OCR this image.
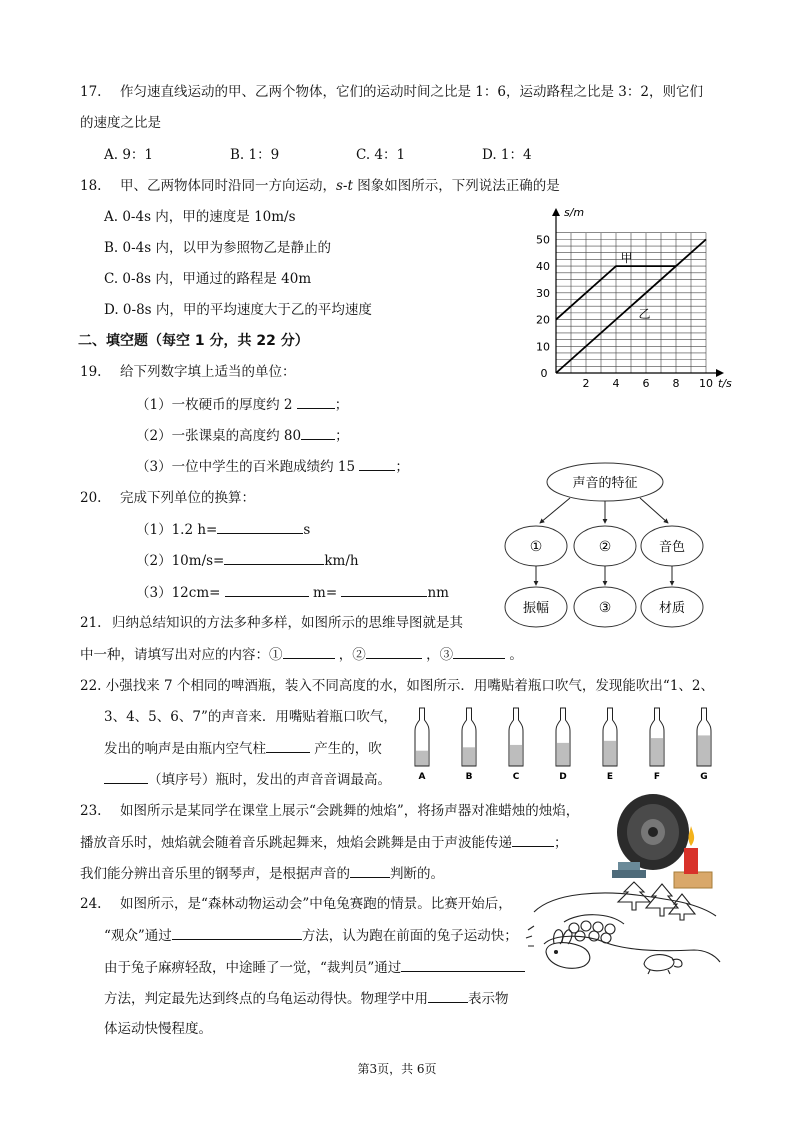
17. 作匀速直线运动的甲、乙两个物体，它们的运动时间之比是 1：6，运动路程之比是 3：2，则它们
的速度之比是
A. 9：1	B. 1：9	C. 4：1	D. 1：4
18. 甲、乙两物体同时沿同一方向运动，s-t 图象如图所示，下列说法正确的是
A. 0-4s 内，甲的速度是 10m/s
B. 0-4s 内，以甲为参照物乙是静止的
C. 0-8s 内，甲通过的路程是 40m
D. 0-8s 内，甲的平均速度大于乙的平均速度
s/m
t/s
0
2 4 6 8 10
10
20
30
40
50
甲
乙
二、填空题（每空 1 分，共 22 分）
19. 给下列数字填上适当的单位：
（1）一枚硬币的厚度约 2	；
（2）一张课桌的高度约 80	；
（3）一位中学生的百米跑成绩约 15	；
20. 完成下列单位的换算：
（1）1.2 h=	s
（2）10m/s=	km/h
（3）12cm=	m=	nm
声音的特征
①	②	音色
振幅	③	材质
21. 归纳总结知识的方法多种多样，如图所示的思维导图就是其
中一种，请填写出对应的内容：①	，②	，③	。
22. 小强找来 7 个相同的啤酒瓶，装入不同高度的水，如图所示．用嘴贴着瓶口吹气，发现能吹出“1、2、
3、4、5、6、7”的声音来．用嘴贴着瓶口吹气，
发出的响声是由瓶内空气柱	产生的，吹
（填序号）瓶时，发出的声音音调最高。	A	B	C	D	E	F	G
23. 如图所示是某同学在课堂上展示“会跳舞的烛焰”，将扬声器对准蜡烛的烛焰，
播放音乐时，烛焰就会随着音乐跳起舞来，烛焰会跳舞是由于声波能传递	；
我们能分辨出音乐里的钢琴声，是根据声音的	判断的。
24. 如图所示，是“森林动物运动会”中龟兔赛跑的情景。比赛开始后，
“观众”通过	方法，认为跑在前面的兔子运动快；
由于兔子麻痹轻敌，中途睡了一觉，“裁判员”通过
方法，判定最先达到终点的乌龟运动得快。物理学中用	表示物
体运动快慢程度。
第3页，共 6页
